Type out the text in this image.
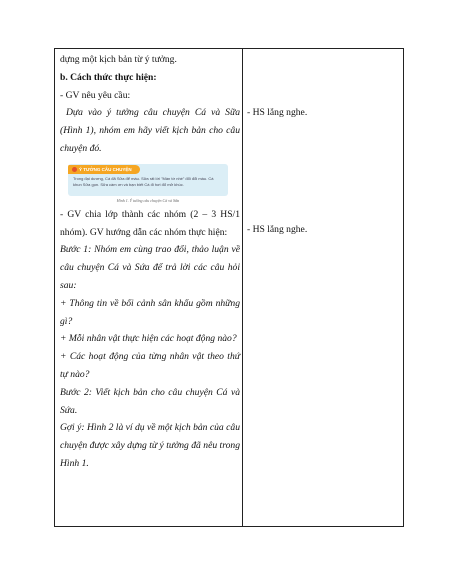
dựng một kịch bản từ ý tưởng.

b. Cách thức thực hiện:

- GV nêu yêu cầu:

Dựa vào ý tưởng câu chuyện Cá và Sữa (Hình 1), nhóm em hãy viết kịch bản cho câu chuyện đó.

Ý TƯỞNG CÂU CHUYỆN
Trong đại dương, Cá đã Sữa để màu. Sữa rất lời "Màn tờ nhé" đổi đổi màu. Cá khun Sữa gọn. Sữa càm ơn và bạn biết Cá đi hơi đổ mở khúc.
Hình 1. Ý tưởng câu chuyện Cá và Sữa

- GV chia lớp thành các nhóm (2 – 3 HS/1 nhóm). GV hướng dẫn các nhóm thực hiện:

Bước 1: Nhóm em cùng trao đổi, thảo luận về câu chuyện Cá và Sứa để trả lời các câu hỏi sau:

+ Thông tin về bối cảnh sân khấu gồm những gì?

+ Mỗi nhân vật thực hiện các hoạt động nào?

+ Các hoạt động của từng nhân vật theo thứ tự nào?

Bước 2: Viết kịch bản cho câu chuyện Cá và Sứa.

Gợi ý: Hình 2 là ví dụ về một kịch bản của câu chuyện được xây dựng từ ý tưởng đã nêu trong Hình 1.

- HS lắng nghe.

- HS lắng nghe.
